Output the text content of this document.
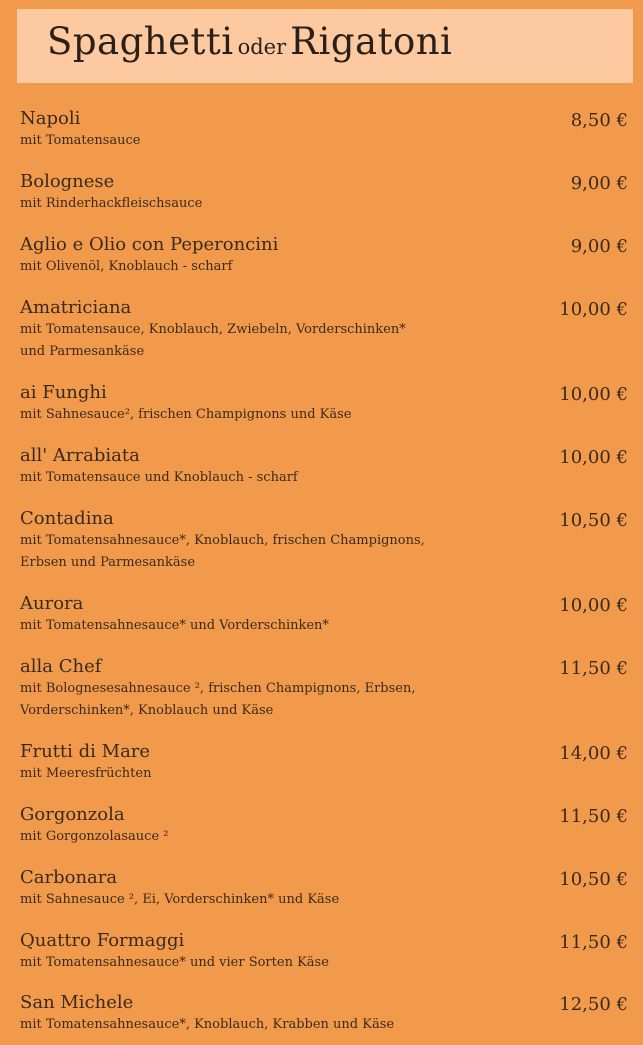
Spaghetti oder Rigatoni
Napoli
mit Tomatensauce
8,50 €
Bolognese
mit Rinderhackfleischsauce
9,00 €
Aglio e Olio con Peperoncini
mit Olivenöl, Knoblauch - scharf
9,00 €
Amatriciana
mit Tomatensauce, Knoblauch, Zwiebeln, Vorderschinken*
und Parmesankäse
10,00 €
ai Funghi
mit Sahnesauce², frischen Champignons und Käse
10,00 €
all' Arrabiata
mit Tomatensauce und Knoblauch - scharf
10,00 €
Contadina
mit Tomatensahnesauce*, Knoblauch, frischen Champignons,
Erbsen und Parmesankäse
10,50 €
Aurora
mit Tomatensahnesauce* und Vorderschinken*
10,00 €
alla Chef
mit Bolognesesahnesauce ², frischen Champignons, Erbsen,
Vorderschinken*, Knoblauch und Käse
11,50 €
Frutti di Mare
mit Meeresfrüchten
14,00 €
Gorgonzola
mit Gorgonzolasauce ²
11,50 €
Carbonara
mit Sahnesauce ², Ei, Vorderschinken* und Käse
10,50 €
Quattro Formaggi
mit Tomatensahnesauce* und vier Sorten Käse
11,50 €
San Michele
mit Tomatensahnesauce*, Knoblauch, Krabben und Käse
12,50 €
